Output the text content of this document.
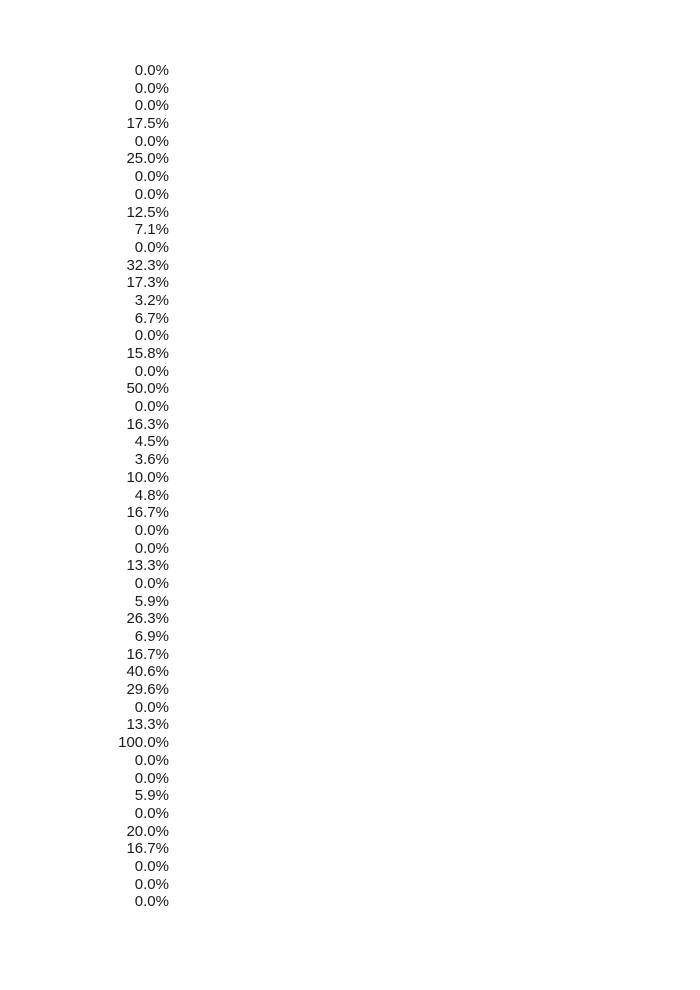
0.0%
0.0%
0.0%
17.5%
0.0%
25.0%
0.0%
0.0%
12.5%
7.1%
0.0%
32.3%
17.3%
3.2%
6.7%
0.0%
15.8%
0.0%
50.0%
0.0%
16.3%
4.5%
3.6%
10.0%
4.8%
16.7%
0.0%
0.0%
13.3%
0.0%
5.9%
26.3%
6.9%
16.7%
40.6%
29.6%
0.0%
13.3%
100.0%
0.0%
0.0%
5.9%
0.0%
20.0%
16.7%
0.0%
0.0%
0.0%
